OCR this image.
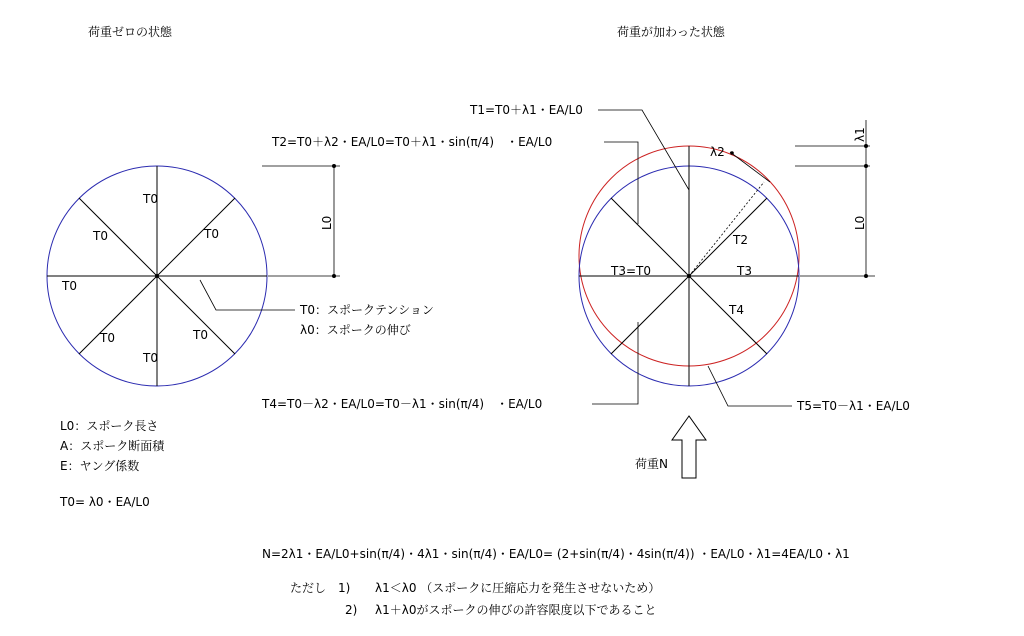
荷重ゼロの状態	荷重が加わった状態
T0
T0	T0
T0
T0	T0
T0
T0：スポークテンション
λ0：スポークの伸び
L0
T1=T0＋λ1・EA/L0
T2=T0＋λ2・EA/L0=T0＋λ1・sin(π/4)　・EA/L0
T4=T0－λ2・EA/L0=T0－λ1・sin(π/4)　・EA/L0	T5=T0－λ1・EA/L0
T3=T0	T3
T2
T4
λ2
λ1
L0
荷重N
L0：スポーク長さ
A：スポーク断面積
E：ヤング係数
T0= λ0・EA/L0
N=2λ1・EA/L0+sin(π/4)・4λ1・sin(π/4)・EA/L0= (2+sin(π/4)・4sin(π/4)) ・EA/L0・λ1=4EA/L0・λ1
ただし　1) λ1＜λ0 （スポークに圧縮応力を発生させないため）
2) λ1＋λ0がスポークの伸びの許容限度以下であること
